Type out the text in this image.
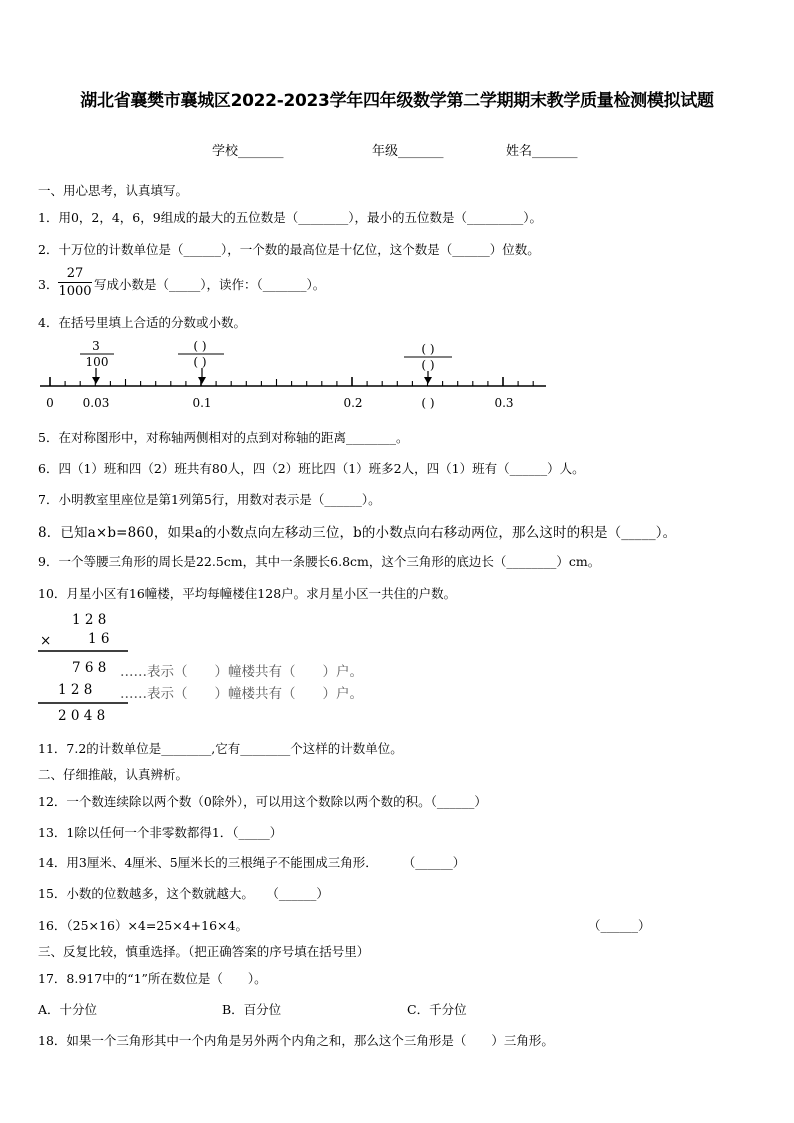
湖北省襄樊市襄城区2022-2023学年四年级数学第二学期期末教学质量检测模拟试题
学校_______	年级_______	姓名_______
一、用心思考，认真填写。
1．用0，2，4，6，9组成的最大的五位数是（________），最小的五位数是（_________）。
2．十万位的计数单位是（______），一个数的最高位是十亿位，这个数是（______）位数。
3． $\frac{27}{1000}$ 写成小数是（_____），读作：（_______）。
4．在括号里填上合适的分数或小数。
3
100
( )
( )
( )
( )
0 0.03	0.1	0.2	( )	0.3
5．在对称图形中，对称轴两侧相对的点到对称轴的距离________。
6．四（1）班和四（2）班共有80人，四（2）班比四（1）班多2人，四（1）班有（______）人。
7．小明教室里座位是第1列第5行，用数对表示是（______）。
8．已知a×b=860，如果a的小数点向左移动三位，b的小数点向右移动两位，那么这时的积是（_____）。
9．一个等腰三角形的周长是22.5cm，其中一条腰长6.8cm，这个三角形的底边长（________）cm。
10．月星小区有16幢楼，平均每幢楼住128户。求月星小区一共住的户数。
1 2 8
×	1 6
7 6 8 ……表示（　　）幢楼共有（　　）户。
1 2 8 ……表示（　　）幢楼共有（　　）户。
2 0 4 8
11．7.2的计数单位是________,它有________个这样的计数单位。
二、仔细推敲，认真辨析。
12．一个数连续除以两个数（0除外），可以用这个数除以两个数的积。（______）
13．1除以任何一个非零数都得1．（_____）
14．用3厘米、4厘米、5厘米长的三根绳子不能围成三角形．　　　（______）
15．小数的位数越多，这个数就越大。　　（______）
16．（25×16）×4=25×4+16×4。	（______）
三、反复比较，慎重选择。（把正确答案的序号填在括号里）
17．8.917中的“1”所在数位是（　　）。
A．十分位	B．百分位	C．千分位
18．如果一个三角形其中一个内角是另外两个内角之和，那么这个三角形是（　　）三角形。
